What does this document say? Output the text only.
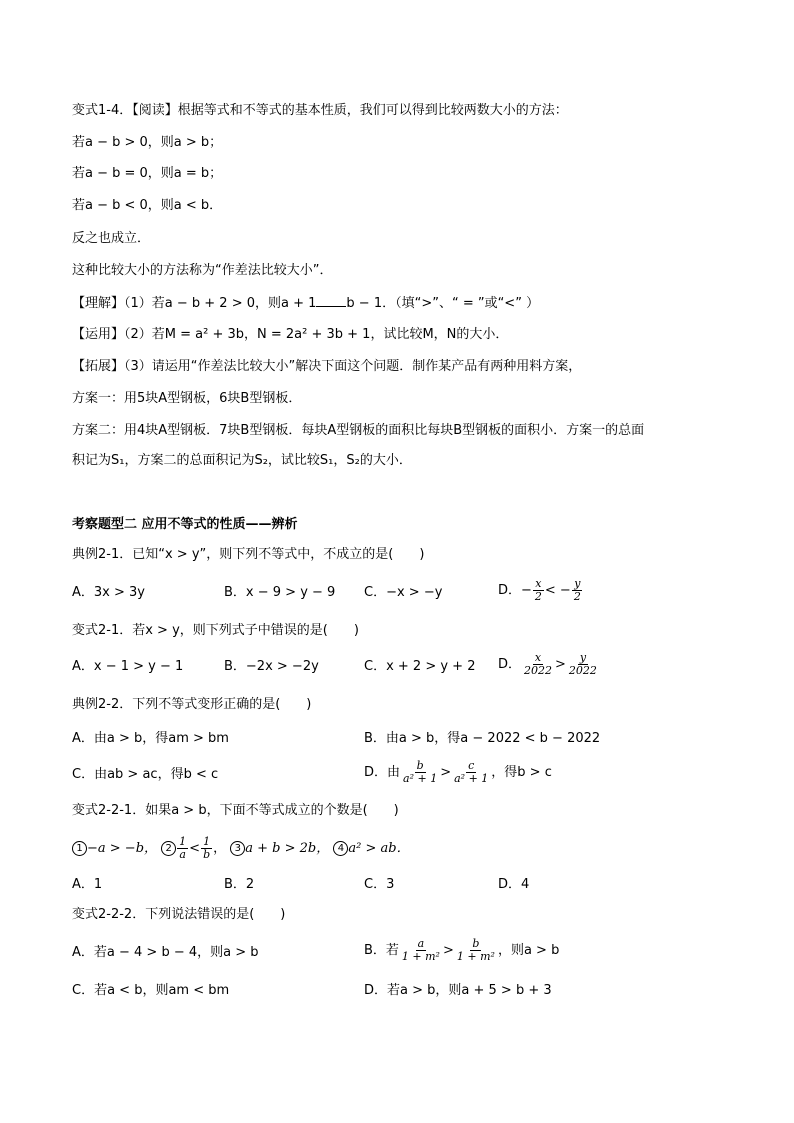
变式1-4．【阅读】根据等式和不等式的基本性质，我们可以得到比较两数大小的方法：
若a − b > 0，则a > b；
若a − b = 0，则a = b；
若a − b < 0，则a < b．
反之也成立．
这种比较大小的方法称为“作差法比较大小”．
【理解】（1）若a − b + 2 > 0，则a + 1 b − 1．（填“>”、“ = ”或“<” ）
【运用】（2）若M = a² + 3b，N = 2a² + 3b + 1，试比较M，N的大小．
【拓展】（3）请运用“作差法比较大小”解决下面这个问题．制作某产品有两种用料方案，
方案一：用5块A型钢板，6块B型钢板．
方案二：用4块A型钢板．7块B型钢板．每块A型钢板的面积比每块B型钢板的面积小．方案一的总面
积记为S₁，方案二的总面积记为S₂，试比较S₁，S₂的大小．
考察题型二 应用不等式的性质——辨析
典例2-1．已知“x > y”，则下列不等式中，不成立的是(　　)
A．3x > 3y	B．x − 9 > y − 9 C．−x > −y	D．− $\frac{x}{2}$ < − $\frac{y}{2}$
变式2-1．若x > y，则下列式子中错误的是(　　)
A．x − 1 > y − 1	B．−2x > −2y	C．x + 2 > y + 2 D． $\frac{x}{2022} > \frac{y}{2022}$
典例2-2．下列不等式变形正确的是(　　)
A．由a > b，得am > bm	B．由a > b，得a − 2022 < b − 2022
C．由ab > ac，得b < c	D．由 $\frac{b}{\text{a² + 1}} > \frac{c}{\text{a² + 1}}$ ，得b > c
变式2-2-1．如果a > b，下面不等式成立的个数是(　　)
1 −a > −b， $2 \frac{1}{a} < \frac{1}{b}$ ， 3 a + b > 2b， 4 a² > ab．
A．1	B．2	C．3	D．4
变式2-2-2．下列说法错误的是(　　)
A．若a − 4 > b − 4，则a > b	B．若 $\frac{a}{\text{1 + m²}} > \frac{b}{\text{1 + m²}}$ ，则a > b
C．若a < b，则am < bm	D．若a > b，则a + 5 > b + 3
